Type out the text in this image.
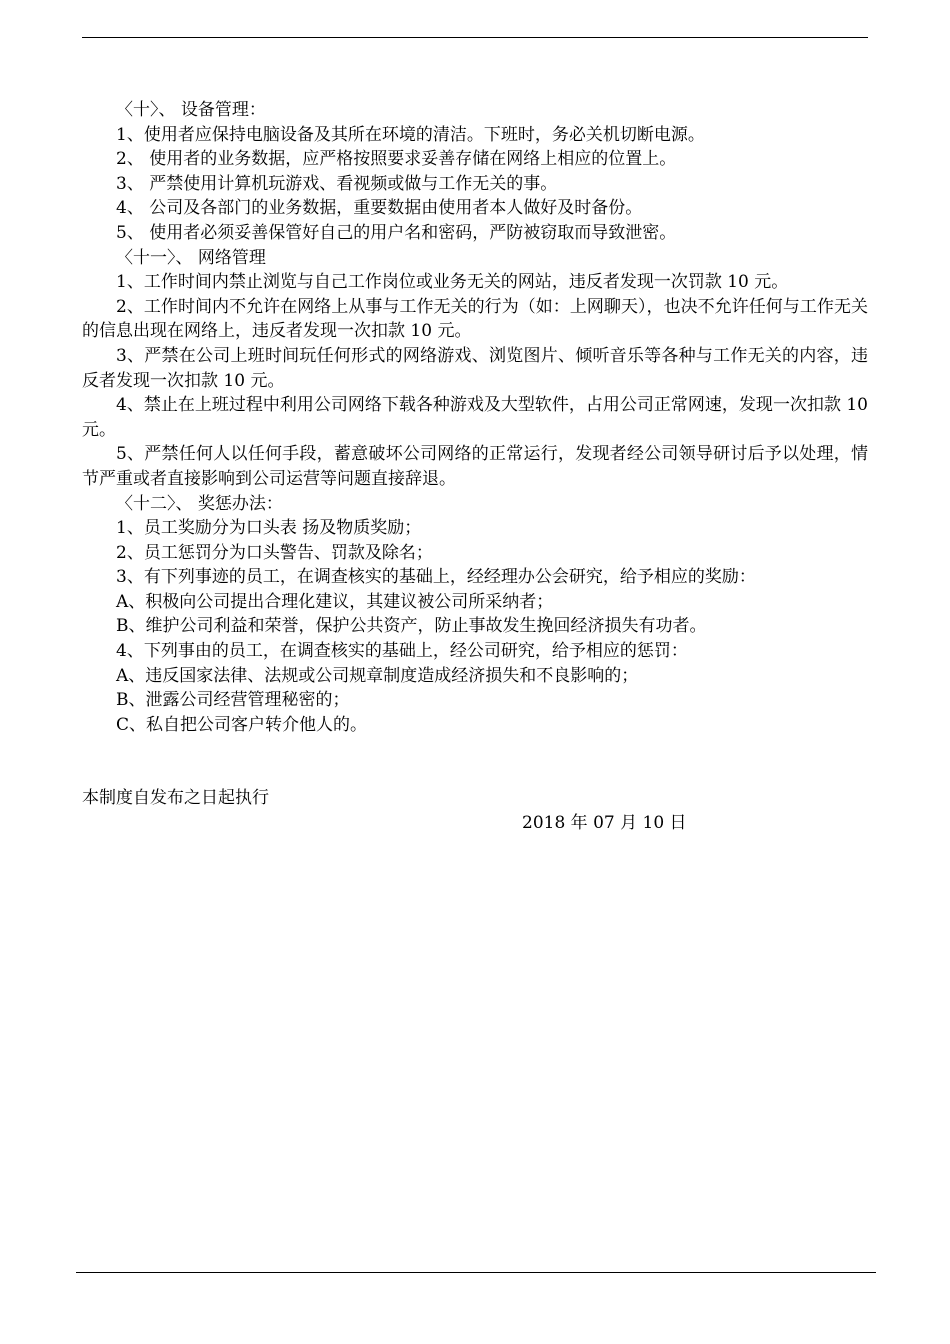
〈十〉、 设备管理：

1、使用者应保持电脑设备及其所在环境的清洁。下班时，务必关机切断电源。

2、 使用者的业务数据，应严格按照要求妥善存储在网络上相应的位置上。

3、 严禁使用计算机玩游戏、看视频或做与工作无关的事。

4、 公司及各部门的业务数据，重要数据由使用者本人做好及时备份。

5、 使用者必须妥善保管好自己的用户名和密码，严防被窃取而导致泄密。

〈十一〉、 网络管理

1、工作时间内禁止浏览与自己工作岗位或业务无关的网站，违反者发现一次罚款 10 元。

2、工作时间内不允许在网络上从事与工作无关的行为（如：上网聊天），也决不允许任何与工作无关的信息出现在网络上，违反者发现一次扣款 10 元。

3、严禁在公司上班时间玩任何形式的网络游戏、浏览图片、倾听音乐等各种与工作无关的内容，违反者发现一次扣款 10 元。

4、禁止在上班过程中利用公司网络下载各种游戏及大型软件，占用公司正常网速，发现一次扣款 10 元。

5、严禁任何人以任何手段，蓄意破坏公司网络的正常运行，发现者经公司领导研讨后予以处理，情节严重或者直接影响到公司运营等问题直接辞退。

〈十二〉、 奖惩办法：

1、员工奖励分为口头表 扬及物质奖励；

2、员工惩罚分为口头警告、罚款及除名；

3、有下列事迹的员工，在调查核实的基础上，经经理办公会研究，给予相应的奖励：

A、积极向公司提出合理化建议，其建议被公司所采纳者；

B、维护公司利益和荣誉，保护公共资产，防止事故发生挽回经济损失有功者。

4、下列事由的员工，在调查核实的基础上，经公司研究，给予相应的惩罚：

A、违反国家法律、法规或公司规章制度造成经济损失和不良影响的；

B、泄露公司经营管理秘密的；

C、私自把公司客户转介他人的。

本制度自发布之日起执行

2018 年 07 月 10 日
